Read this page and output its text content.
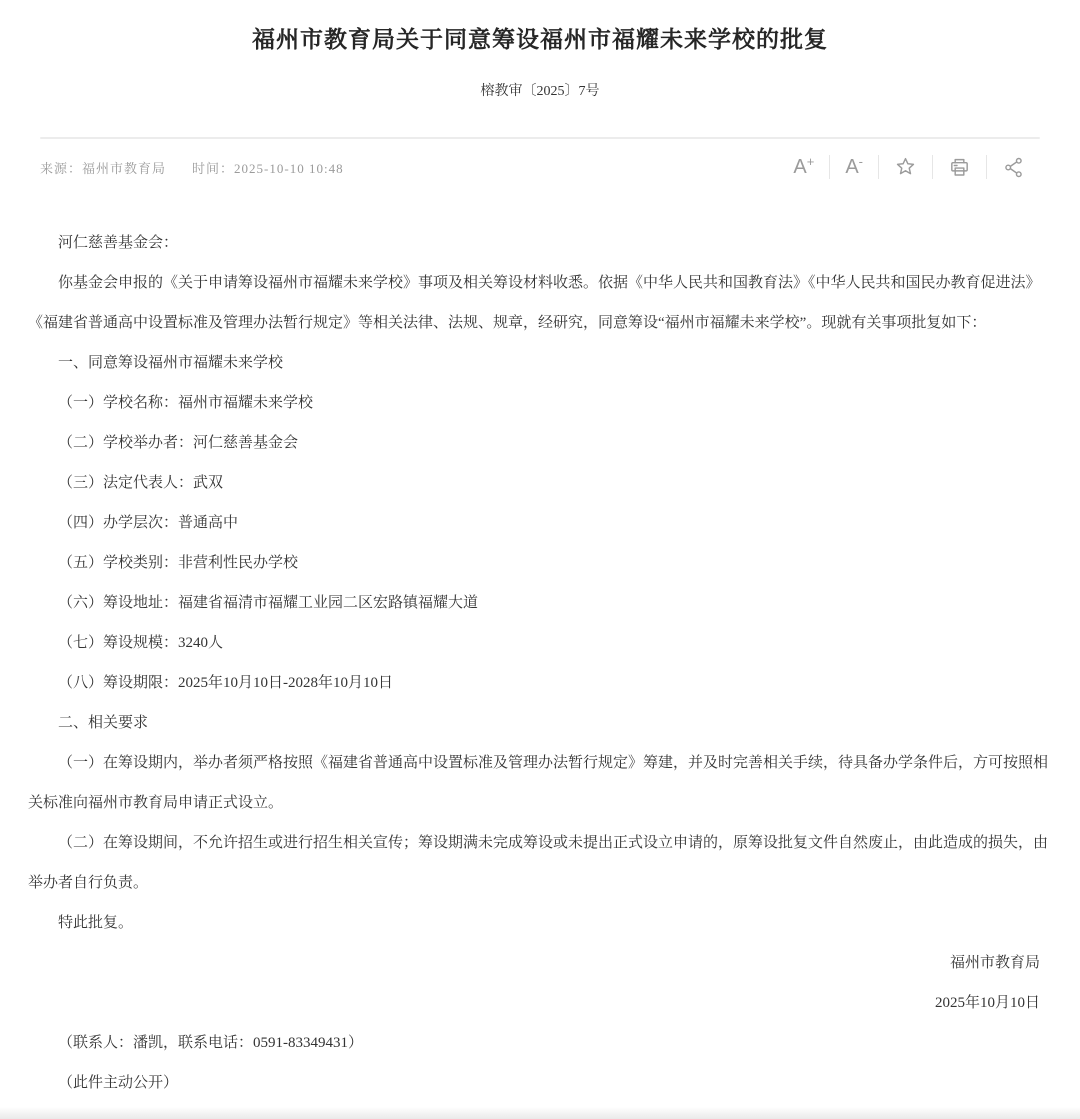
福州市教育局关于同意筹设福州市福耀未来学校的批复
榕教审〔2025〕7号
来源：福州市教育局 时间：2025-10-10 10:48	A + A -

河仁慈善基金会：

你基金会申报的《关于申请筹设福州市福耀未来学校》事项及相关筹设材料收悉。依据《中华人民共和国教育法》《中华人民共和国民办教育促进法》《福建省普通高中设置标准及管理办法暂行规定》等相关法律、法规、规章，经研究，同意筹设“福州市福耀未来学校”。现就有关事项批复如下：

一、同意筹设福州市福耀未来学校

（一）学校名称：福州市福耀未来学校

（二）学校举办者：河仁慈善基金会

（三）法定代表人：武双

（四）办学层次：普通高中

（五）学校类别：非营利性民办学校

（六）筹设地址：福建省福清市福耀工业园二区宏路镇福耀大道

（七）筹设规模：3240人

（八）筹设期限：2025年10月10日-2028年10月10日

二、相关要求

（一）在筹设期内，举办者须严格按照《福建省普通高中设置标准及管理办法暂行规定》筹建，并及时完善相关手续，待具备办学条件后，方可按照相关标准向福州市教育局申请正式设立。

（二）在筹设期间，不允许招生或进行招生相关宣传；筹设期满未完成筹设或未提出正式设立申请的，原筹设批复文件自然废止，由此造成的损失，由举办者自行负责。

特此批复。

福州市教育局

2025年10月10日

（联系人：潘凯，联系电话：0591-83349431）

（此件主动公开）
